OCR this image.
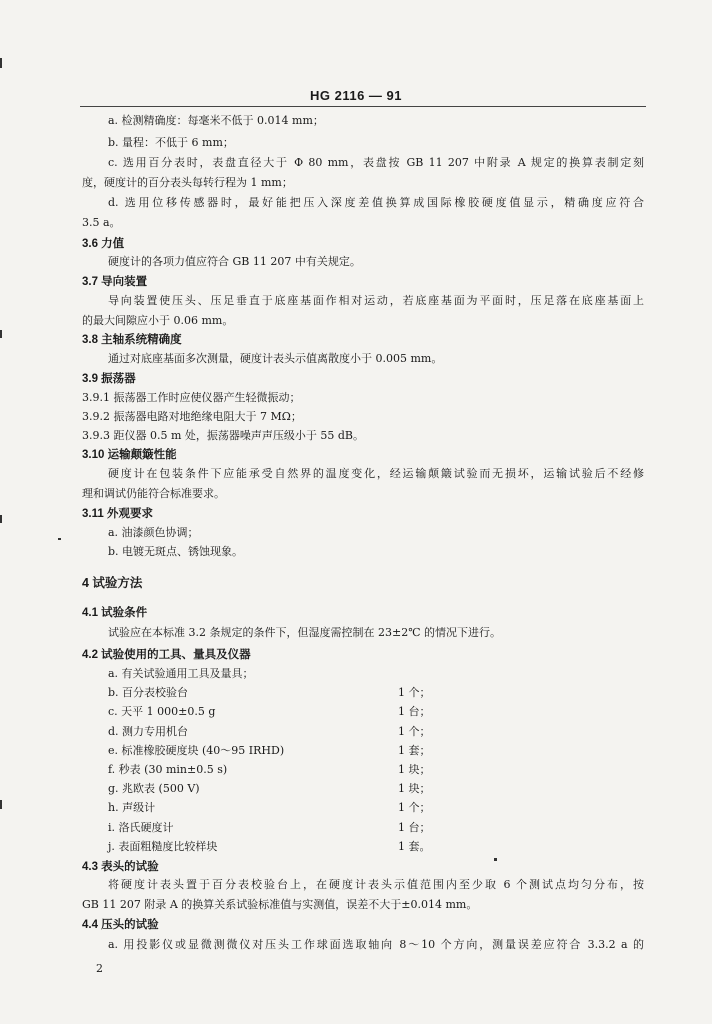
HG 2116 — 91
a. 检测精确度：每毫米不低于 0.014 mm；
b. 量程：不低于 6 mm；
c. 选用百分表时，表盘直径大于 Φ 80 mm，表盘按 GB 11 207 中附录 A 规定的换算表制定刻
度，硬度计的百分表头每转行程为 1 mm；
d. 选用位移传感器时，最好能把压入深度差值换算成国际橡胶硬度值显示，精确度应符合
3.5 a。
3.6 力值
硬度计的各项力值应符合 GB 11 207 中有关规定。
3.7 导向装置
导向装置使压头、压足垂直于底座基面作相对运动，若底座基面为平面时，压足落在底座基面上
的最大间隙应小于 0.06 mm。
3.8 主轴系统精确度
通过对底座基面多次测量，硬度计表头示值离散度小于 0.005 mm。
3.9 振荡器
3.9.1 振荡器工作时应使仪器产生轻微振动；
3.9.2 振荡器电路对地绝缘电阻大于 7 MΩ；
3.9.3 距仪器 0.5 m 处，振荡器噪声声压级小于 55 dB。
3.10 运输颠簸性能
硬度计在包装条件下应能承受自然界的温度变化，经运输颠簸试验而无损坏，运输试验后不经修
理和调试仍能符合标准要求。
3.11 外观要求
a. 油漆颜色协调；
b. 电镀无斑点、锈蚀现象。
4 试验方法
4.1 试验条件
试验应在本标准 3.2 条规定的条件下，但湿度需控制在 23±2℃ 的情况下进行。
4.2 试验使用的工具、量具及仪器
a. 有关试验通用工具及量具；
b. 百分表校验台	1 个；
c. 天平 1 000±0.5 g	1 台；
d. 测力专用机台	1 个；
e. 标准橡胶硬度块 (40～95 IRHD)	1 套；
f. 秒表 (30 min±0.5 s)	1 块；
g. 兆欧表 (500 V)	1 块；
h. 声级计	1 个；
i. 洛氏硬度计	1 台；
j. 表面粗糙度比较样块	1 套。
4.3 表头的试验
将硬度计表头置于百分表校验台上，在硬度计表头示值范围内至少取 6 个测试点均匀分布，按
GB 11 207 附录 A 的换算关系试验标准值与实测值，误差不大于±0.014 mm。
4.4 压头的试验
a. 用投影仪或显微测微仪对压头工作球面选取轴向 8～10 个方向，测量误差应符合 3.3.2 a 的
2
